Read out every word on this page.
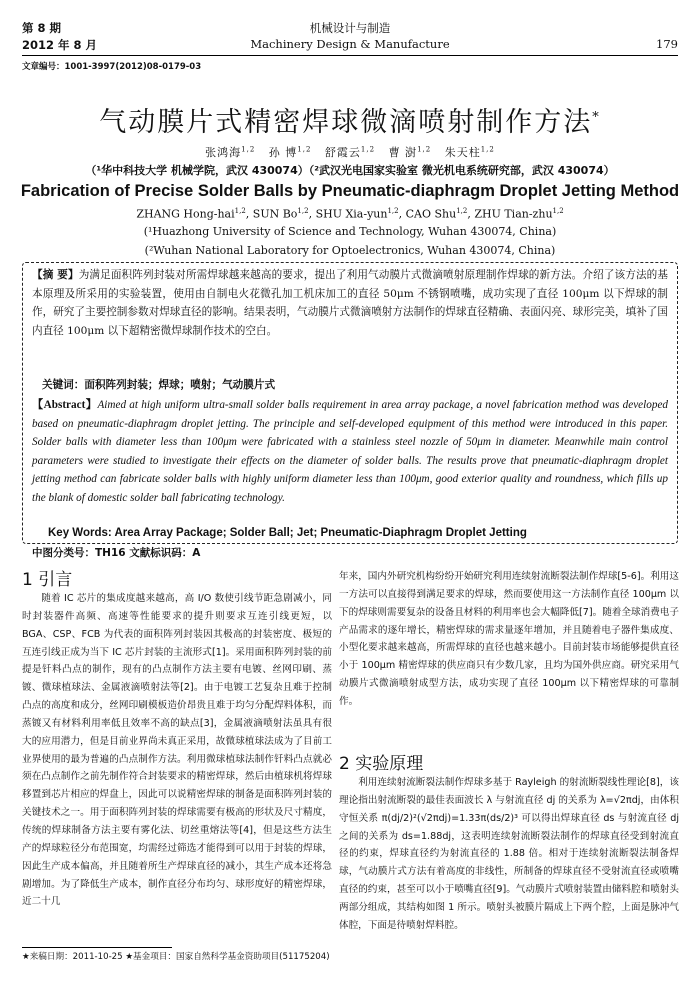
第 8 期	机械设计与制造
2012 年 8 月	Machinery Design & Manufacture	179
文章编号：1001-3997(2012)08-0179-03
气动膜片式精密焊球微滴喷射制作方法*
张鸿海$^{1,2}$ 孙 博$^{1,2}$ 舒霞云$^{1,2}$ 曹 澍$^{1,2}$ 朱天柱$^{1,2}$
（¹华中科技大学 机械学院，武汉 430074）（²武汉光电国家实验室 微光机电系统研究部，武汉 430074）
Fabrication of Precise Solder Balls by Pneumatic-diaphragm Droplet Jetting Method
ZHANG Hong-hai$^{1,2}$, SUN Bo$^{1,2}$, SHU Xia-yun$^{1,2}$, CAO Shu$^{1,2}$, ZHU Tian-zhu$^{1,2}$
(¹Huazhong University of Science and Technology, Wuhan 430074, China)
(²Wuhan National Laboratory for Optoelectronics, Wuhan 430074, China)
【摘 要】为满足面积阵列封装对所需焊球越来越高的要求，提出了利用气动膜片式微滴喷射原理制作焊球的新方法。介绍了该方法的基本原理及所采用的实验装置，使用由自制电火花微孔加工机床加工的直径 50μm 不锈钢喷嘴，成功实现了直径 100μm 以下焊球的制作，研究了主要控制参数对焊球直径的影响。结果表明，气动膜片式微滴喷射方法制作的焊球直径精确、表面闪亮、球形完美，填补了国内直径 100μm 以下超精密微焊球制作技术的空白。
关键词：面积阵列封装；焊球；喷射；气动膜片式
【Abstract】Aimed at high uniform ultra-small solder balls requirement in area array package, a novel fabrication method was developed based on pneumatic-diaphragm droplet jetting. The principle and self-developed equipment of this method were introduced in this paper. Solder balls with diameter less than 100μm were fabricated with a stainless steel nozzle of 50μm in diameter. Meanwhile main control parameters were studied to investigate their effects on the diameter of solder balls. The results prove that pneumatic-diaphragm droplet jetting method can fabricate solder balls with highly uniform diameter less than 100μm, good exterior quality and roundness, which fills up the blank of domestic solder ball fabricating technology.
Key Words: Area Array Package; Solder Ball; Jet; Pneumatic-Diaphragm Droplet Jetting
中图分类号：TH16 文献标识码：A
1 引言
随着 IC 芯片的集成度越来越高，高 I/O 数使引线节距急剧减小，同时封装器件高频、高速等性能要求的提升则要求互连引线更短，以 BGA、CSP、FCB 为代表的面积阵列封装因其极高的封装密度、极短的互连引线正成为当下 IC 芯片封装的主流形式[1]。采用面积阵列封装的前提是钎料凸点的制作，现有的凸点制作方法主要有电镀、丝网印刷、蒸镀、微球植球法、金属液滴喷射法等[2]。由于电镀工艺复杂且难于控制凸点的高度和成分，丝网印刷模板造价昂贵且难于均匀分配焊料体积，而蒸镀又有材料利用率低且效率不高的缺点[3]，金属液滴喷射法虽具有很大的应用潜力，但是目前业界尚未真正采用，故微球植球法成为了目前工业界使用的最为普遍的凸点制作方法。利用微球植球法制作钎料凸点就必须在凸点制作之前先制作符合封装要求的精密焊球，然后由植球机将焊球移置到芯片相应的焊盘上，因此可以说精密焊球的制备是面积阵列封装的关键技术之一。用于面积阵列封装的焊球需要有极高的形状及尺寸精度，传统的焊球制备方法主要有雾化法、切丝重熔法等[4]，但是这些方法生产的焊球粒径分布范围宽，均需经过筛选才能得到可以用于封装的焊球，因此生产成本偏高，并且随着所生产焊球直径的减小，其生产成本还将急剧增加。为了降低生产成本，制作直径分布均匀、球形度好的精密焊球，近二十几
年来，国内外研究机构纷纷开始研究利用连续射流断裂法制作焊球[5-6]。利用这一方法可以直接得到满足要求的焊球，然而要使用这一方法制作直径 100μm 以下的焊球则需要复杂的设备且材料的利用率也会大幅降低[7]。随着全球消费电子产品需求的逐年增长，精密焊球的需求量逐年增加，并且随着电子器件集成度、小型化要求越来越高，所需焊球的直径也越来越小。目前封装市场能够提供直径小于 100μm 精密焊球的供应商只有少数几家，且均为国外供应商。研究采用气动膜片式微滴喷射成型方法，成功实现了直径 100μm 以下精密焊球的可靠制作。
2 实验原理
利用连续射流断裂法制作焊球多基于 Rayleigh 的射流断裂线性理论[8]，该理论指出射流断裂的最佳表面波长 λ 与射流直径 dj 的关系为 λ=√2πdj，由体积守恒关系 π(dj/2)²(√2πdj)=1.33π(ds/2)³ 可以得出焊球直径 ds 与射流直径 dj 之间的关系为 ds=1.88dj，这表明连续射流断裂法制作的焊球直径受到射流直径的约束，焊球直径约为射流直径的 1.88 倍。相对于连续射流断裂法制备焊球，气动膜片式方法有着高度的非线性，所制备的焊球直径不受射流直径或喷嘴直径的约束，甚至可以小于喷嘴直径[9]。气动膜片式喷射装置由储料腔和喷射头两部分组成，其结构如图 1 所示。喷射头被膜片隔成上下两个腔，上面是脉冲气体腔，下面是待喷射焊料腔。
★来稿日期：2011-10-25 ★基金项目：国家自然科学基金资助项目(51175204)
